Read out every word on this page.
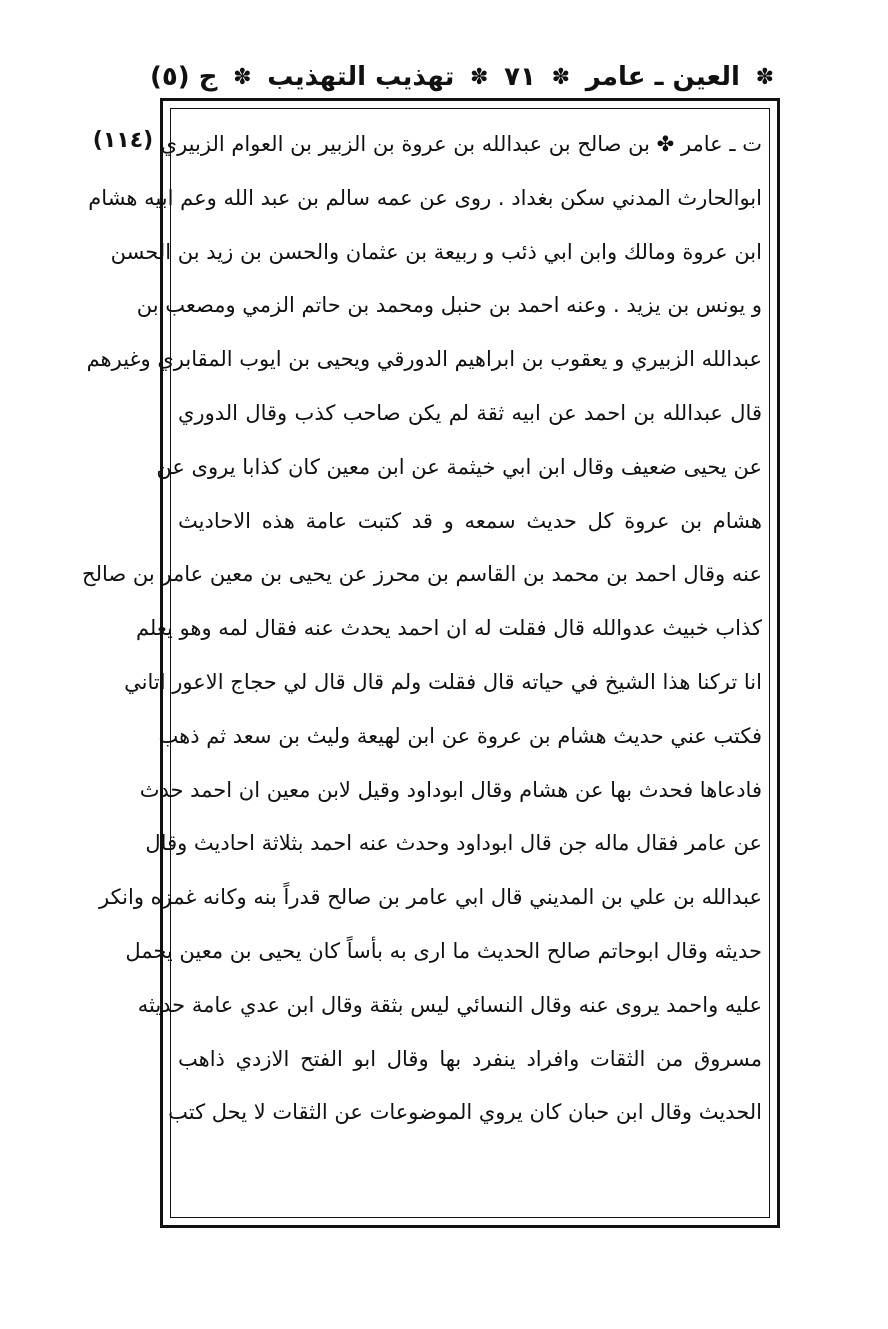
ج (٥) ✽ تهذيب التهذيب ✽ ٧١ ✽ العين ـ عامر ✽
(١١٤) ت ـ عامر ✤ بن صالح بن عبدالله بن عروة بن الزبير بن العوام الزبيري
ابوالحارث المدني سكن بغداد . روى عن عمه سالم بن عبد الله وعم ابيه هشام
ابن عروة ومالك وابن ابي ذئب و ربيعة بن عثمان والحسن بن زيد بن الحسن
و يونس بن يزيد . وعنه احمد بن حنبل ومحمد بن حاتم الزمي ومصعب بن
عبدالله الزبيري و يعقوب بن ابراهيم الدورقي ويحيى بن ايوب المقابري وغيرهم
قال عبدالله بن احمد عن ابيه ثقة لم يكن صاحب كذب وقال الدوري
عن يحيى ضعيف وقال ابن ابي خيثمة عن ابن معين كان كذابا يروى عن
هشام بن عروة كل حديث سمعه و قد كتبت عامة هذه الاحاديث
عنه وقال احمد بن محمد بن القاسم بن محرز عن يحيى بن معين عامر بن صالح
كذاب خبيث عدوالله قال فقلت له ان احمد يحدث عنه فقال لمه وهو يعلم
انا تركنا هذا الشيخ في حياته قال فقلت ولم قال قال لي حجاج الاعور اتاني
فكتب عني حديث هشام بن عروة عن ابن لهيعة وليث بن سعد ثم ذهب
فادعاها فحدث بها عن هشام وقال ابوداود وقيل لابن معين ان احمد حدث
عن عامر فقال ماله جن قال ابوداود وحدث عنه احمد بثلاثة احاديث وقال
عبدالله بن علي بن المديني قال ابي عامر بن صالح قدراً بنه وكانه غمزه وانكر
حديثه وقال ابوحاتم صالح الحديث ما ارى به بأساً كان يحيى بن معين يحمل
عليه واحمد يروى عنه وقال النسائي ليس بثقة وقال ابن عدي عامة حديثه
مسروق من الثقات وافراد ينفرد بها وقال ابو الفتح الازدي ذاهب
الحديث وقال ابن حبان كان يروي الموضوعات عن الثقات لا يحل كتب
